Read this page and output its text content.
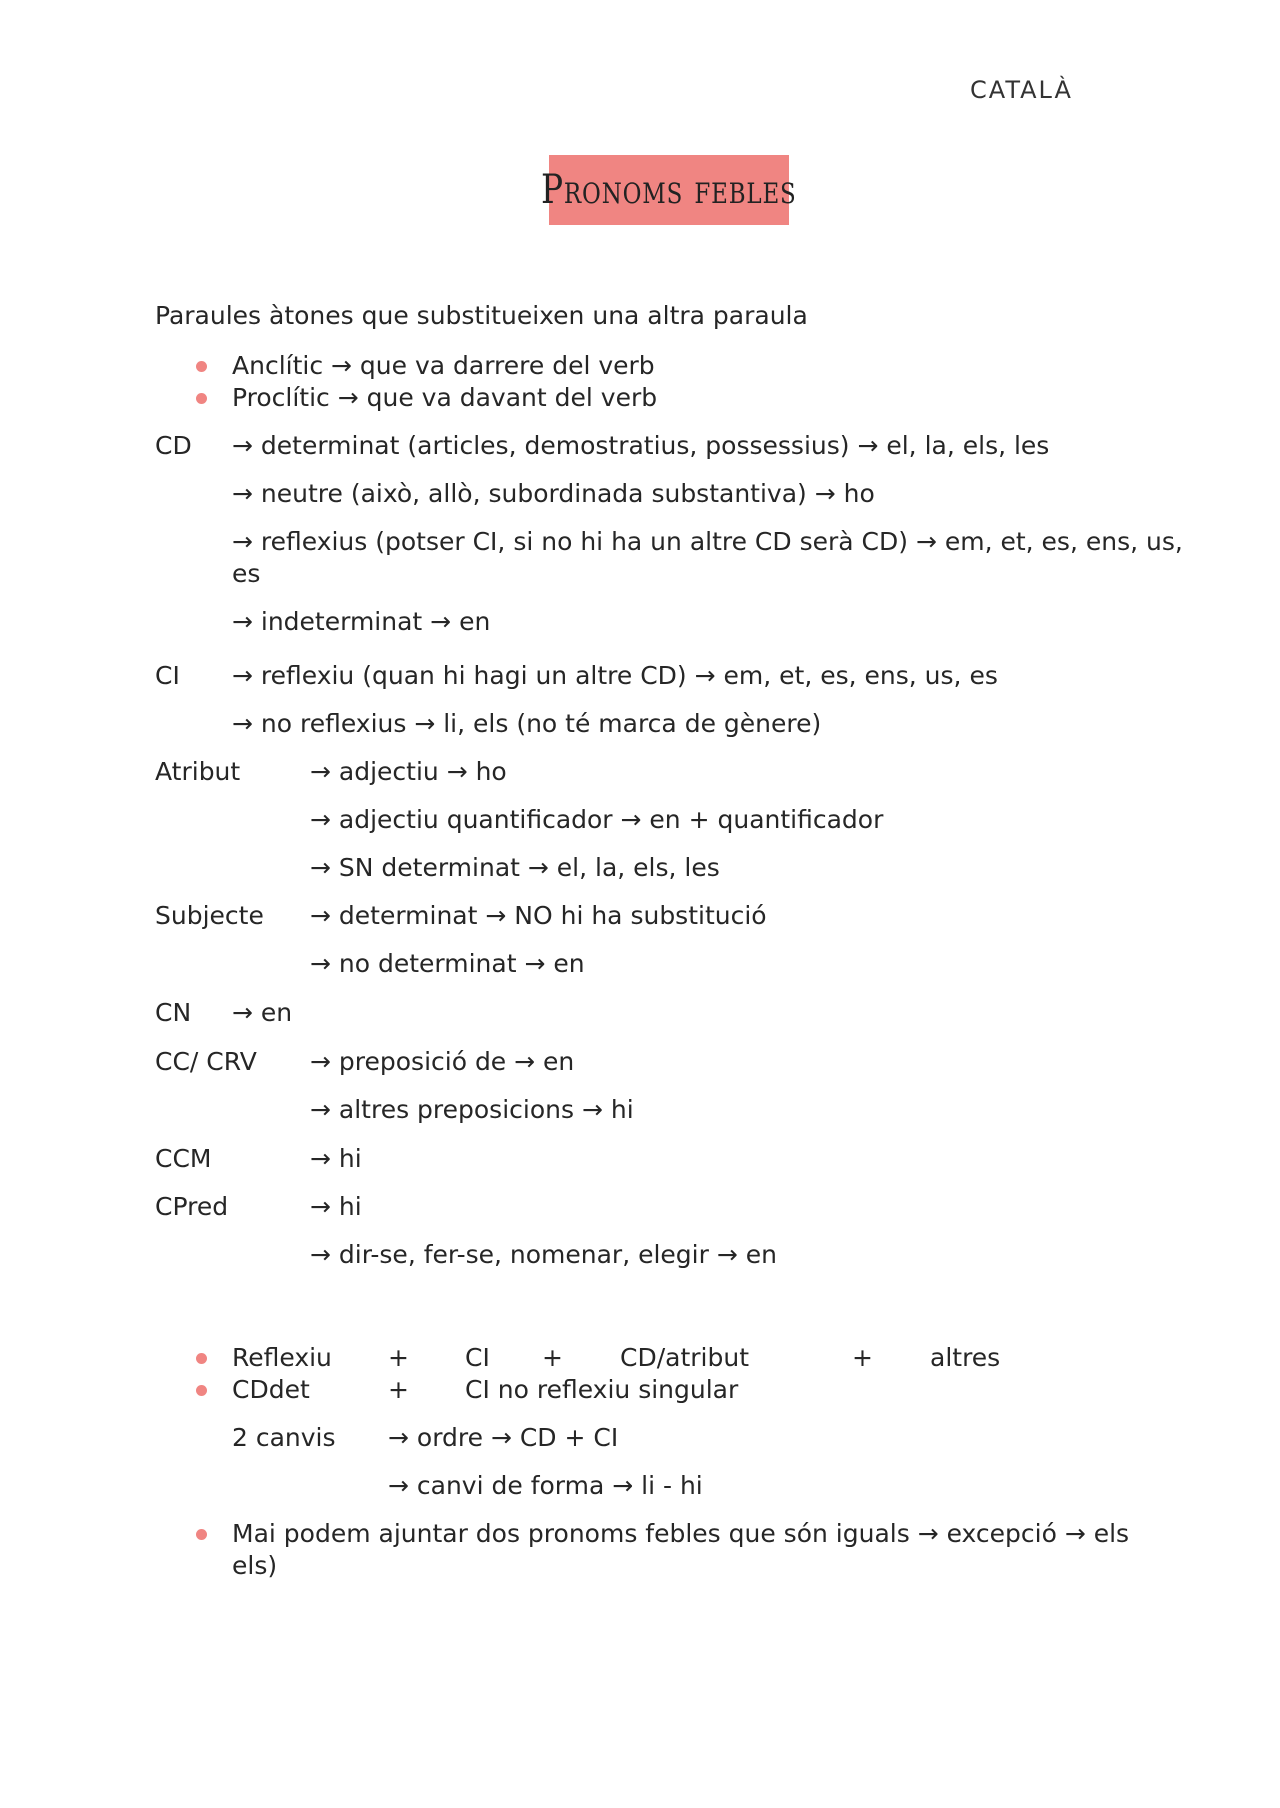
CATALÀ
Pronoms febles
Paraules àtones que substitueixen una altra paraula
Anclític → que va darrere del verb
Proclític → que va davant del verb
CD → determinat (articles, demostratius, possessius) → el, la, els, les
→ neutre (això, allò, subordinada substantiva) → ho
→ reflexius (potser CI, si no hi ha un altre CD serà CD) → em, et, es, ens, us,
es
→ indeterminat → en
CI → reflexiu (quan hi hagi un altre CD) → em, et, es, ens, us, es
→ no reflexius → li, els (no té marca de gènere)
Atribut	→ adjectiu → ho
→ adjectiu quantificador → en + quantificador
→ SN determinat → el, la, els, les
Subjecte → determinat → NO hi ha substitució
→ no determinat → en
CN → en
CC/ CRV → preposició de → en
→ altres preposicions → hi
CCM	→ hi
CPred	→ hi
→ dir-se, fer-se, nomenar, elegir → en
Reflexiu + CI + CD/atribut	+ altres
CDdet	+ CI no reflexiu singular
2 canvis → ordre → CD + CI
→ canvi de forma → li - hi
Mai podem ajuntar dos pronoms febles que són iguals → excepció → els
els)
